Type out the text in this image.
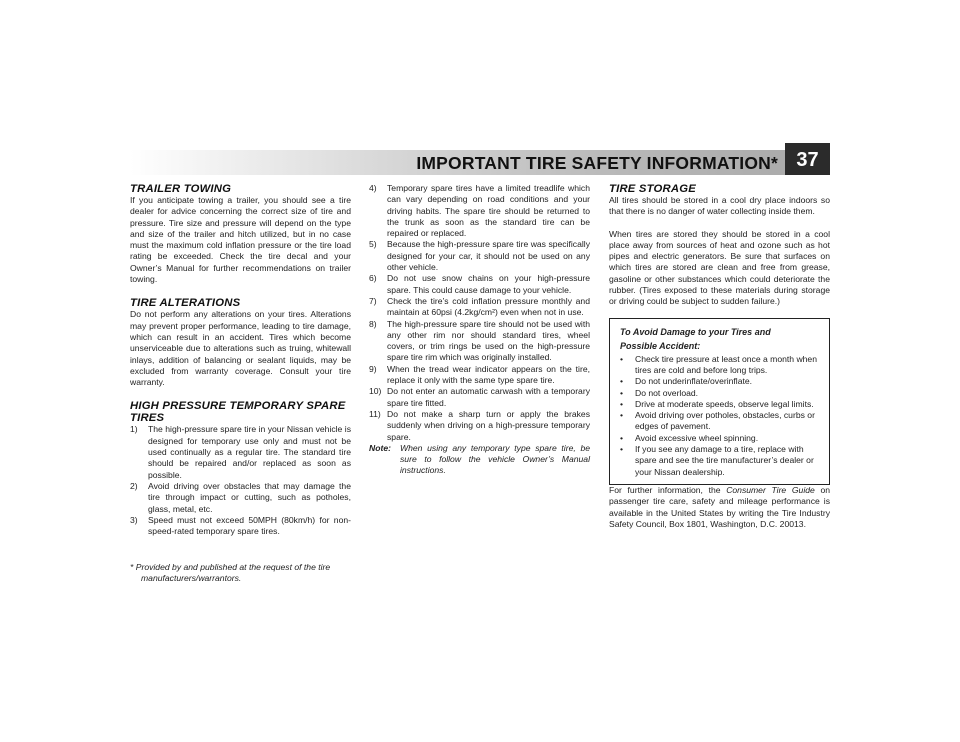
IMPORTANT TIRE SAFETY INFORMATION* 37
TRAILER TOWING

If you anticipate towing a trailer, you should see a tire dealer for advice concerning the correct size of tire and pressure. Tire size and pressure will depend on the type and size of the trailer and hitch utilized, but in no case must the maximum cold inflation pressure or the tire load rating be exceeded. Check the tire decal and your Owner’s Manual for further recommendations on trailer towing.

TIRE ALTERATIONS

Do not perform any alterations on your tires. Alterations may prevent proper performance, leading to tire damage, which can result in an accident. Tires which become unserviceable due to alterations such as truing, whitewall inlays, addition of balancing or sealant liquids, may be excluded from warranty coverage. Consult your tire warranty.

HIGH PRESSURE TEMPORARY SPARE TIRES
1)	The high-pressure spare tire in your Nissan vehicle is designed for temporary use only and must not be used continually as a regular tire. The standard tire should be repaired and/or replaced as soon as possible.
2)	Avoid driving over obstacles that may damage the tire through impact or cutting, such as potholes, glass, metal, etc.
3)	Speed must not exceed 50MPH (80km/h) for non-speed-rated temporary spare tires.
* Provided by and published at the request of the tire manufacturers/warrantors.
4)	Temporary spare tires have a limited treadlife which can vary depending on road conditions and your driving habits. The spare tire should be returned to the trunk as soon as the standard tire can be repaired or replaced.
5)	Because the high-pressure spare tire was specifically designed for your car, it should not be used on any other vehicle.
6)	Do not use snow chains on your high-pressure spare. This could cause damage to your vehicle.
7)	Check the tire’s cold inflation pressure monthly and maintain at 60psi (4.2kg/cm²) even when not in use.
8)	The high-pressure spare tire should not be used with any other rim nor should standard tires, wheel covers, or trim rings be used on the high-pressure spare tire rim which was originally installed.
9)	When the tread wear indicator appears on the tire, replace it only with the same type spare tire.
10) Do not enter an automatic carwash with a temporary spare tire fitted.
11) Do not make a sharp turn or apply the brakes suddenly when driving on a high-pressure temporary spare.
Note:	When using any temporary type spare tire, be sure to follow the vehicle Owner’s Manual instructions.
TIRE STORAGE

All tires should be stored in a cool dry place indoors so that there is no danger of water collecting inside them.

When tires are stored they should be stored in a cool place away from sources of heat and ozone such as hot pipes and electric generators. Be sure that surfaces on which tires are stored are clean and free from grease, gasoline or other substances which could deteriorate the rubber. (Tires exposed to these materials during storage or driving could be subject to sudden failure.)

To Avoid Damage to your Tires and
Possible Accident:
•	Check tire pressure at least once a month when tires are cold and before long trips.
•	Do not underinflate/overinflate.
•	Do not overload.
•	Drive at moderate speeds, observe legal limits.
•	Avoid driving over potholes, obstacles, curbs or edges of pavement.
•	Avoid excessive wheel spinning.
•	If you see any damage to a tire, replace with spare and see the tire manufacturer’s dealer or your Nissan dealership.

For further information, the Consumer Tire Guide on passenger tire care, safety and mileage performance is available in the United States by writing the Tire Industry Safety Council, Box 1801, Washington, D.C. 20013.
